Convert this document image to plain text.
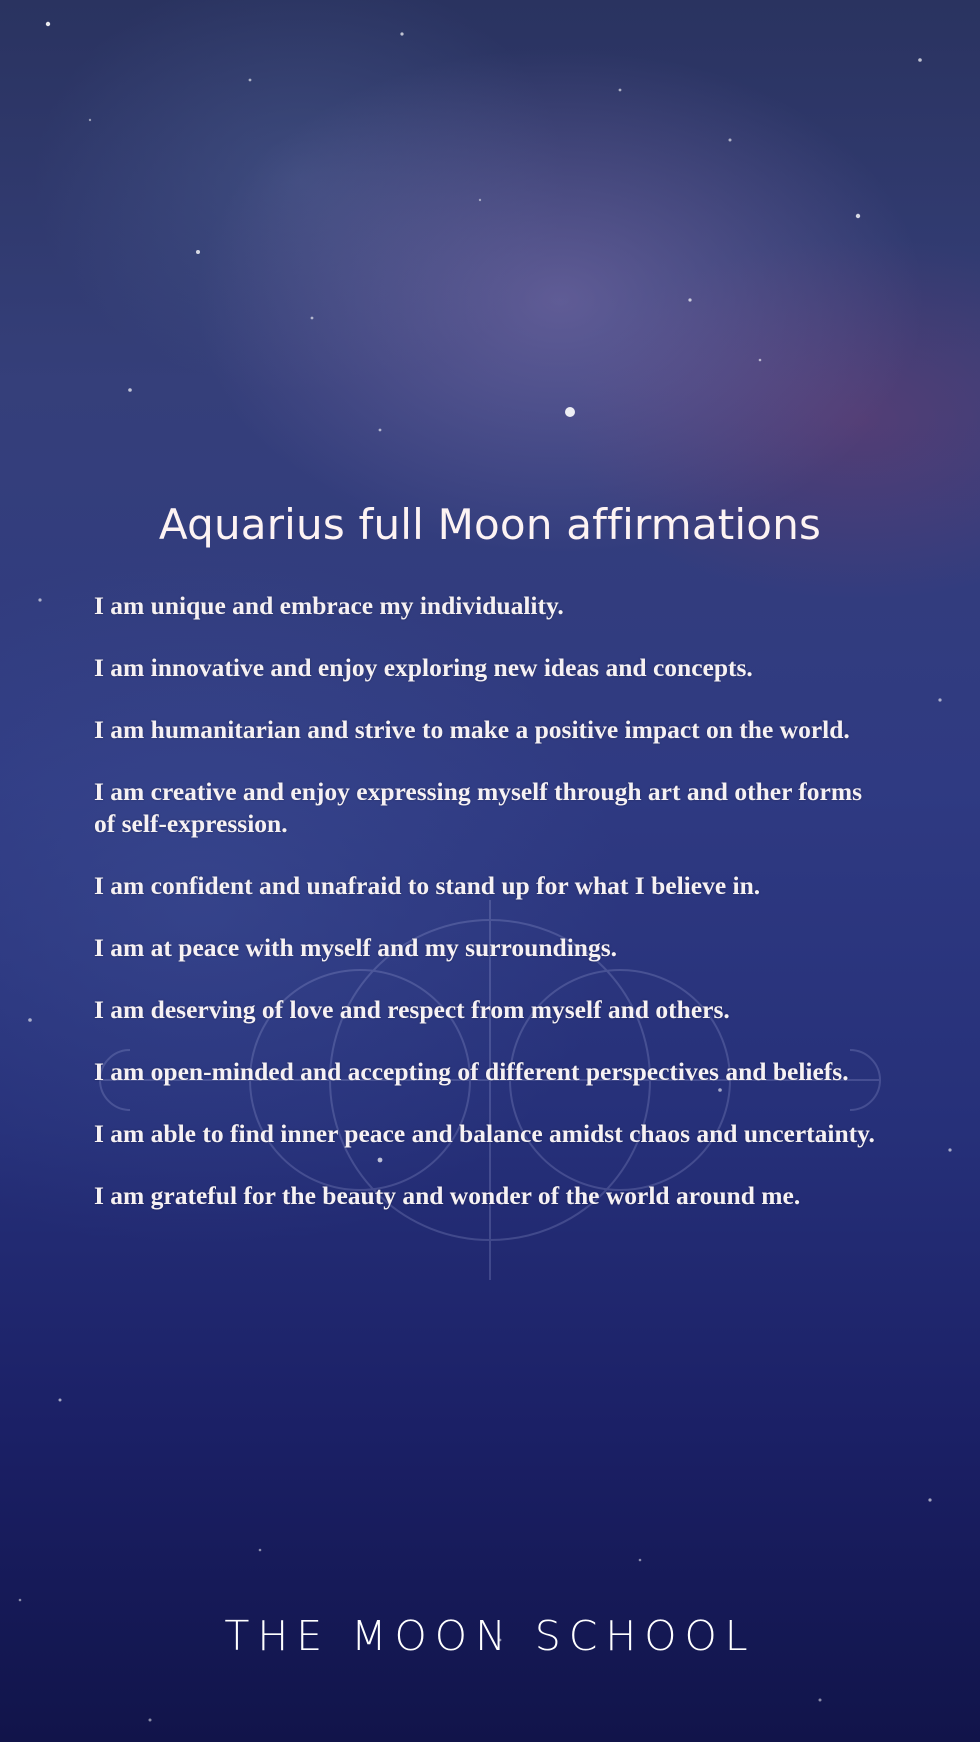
Aquarius full Moon affirmations
I am unique and embrace my individuality.
I am innovative and enjoy exploring new ideas and concepts.
I am humanitarian and strive to make a positive impact on the world.
I am creative and enjoy expressing myself through art and other forms of self-expression.
I am confident and unafraid to stand up for what I believe in.
I am at peace with myself and my surroundings.
I am deserving of love and respect from myself and others.
I am open-minded and accepting of different perspectives and beliefs.
I am able to find inner peace and balance amidst chaos and uncertainty.
I am grateful for the beauty and wonder of the world around me.
THE MOON SCHOOL
